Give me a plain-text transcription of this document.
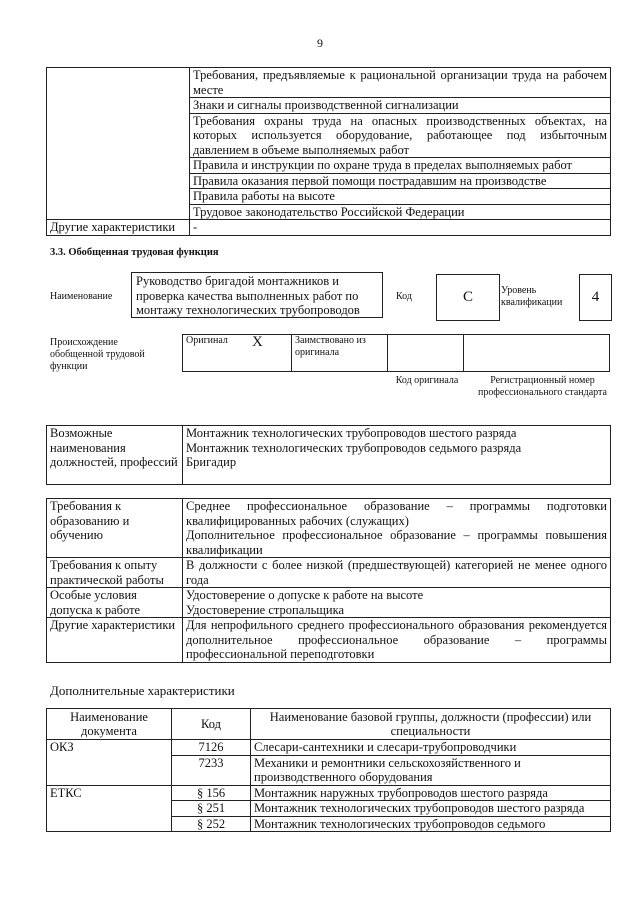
9
	Требования, предъявляемые к рациональной организации труда на рабочем месте
	Знаки и сигналы производственной сигнализации
	Требования охраны труда на опасных производственных объектах, на которых используется оборудование, работающее под избыточным давлением в объеме выполняемых работ
	Правила и инструкции по охране труда в пределах выполняемых работ
	Правила оказания первой помощи пострадавшим на производстве
	Правила работы на высоте
	Трудовое законодательство Российской Федерации
Другие характеристики	-
3.3. Обобщенная трудовая функция
Наименование
Руководство бригадой монтажников и проверка качества выполненных работ по монтажу технологических трубопроводов
Код	C	Уровень квалификации	4
Происхождение обобщенной трудовой функции
Оригинал	X	Заимствовано из оригинала		
Код оригинала	Регистрационный номер профессионального стандарта
Возможные наименования должностей, профессий	
Монтажник технологических трубопроводов шестого разряда
Монтажник технологических трубопроводов седьмого разряда
Бригадир
Требования к образованию и обучению	Среднее профессиональное образование – программы подготовки квалифицированных рабочих (служащих)
Дополнительное профессиональное образование – программы повышения квалификации

Требования к опыту практической работы	В должности с более низкой (предшествующей) категорией не менее одного года
Особые условия допуска к работе	Удостоверение о допуске к работе на высоте
Удостоверение стропальщика

Другие характеристики	Для непрофильного среднего профессионального образования рекомендуется дополнительное профессиональное образование – программы профессиональной переподготовки
Дополнительные характеристики
Наименование документа	Код	Наименование базовой группы, должности (профессии) или специальности
ОКЗ	7126	Слесари-сантехники и слесари-трубопроводчики
	7233	Механики и ремонтники сельскохозяйственного и производственного оборудования
ЕТКС	§ 156	Монтажник наружных трубопроводов шестого разряда
	§ 251	Монтажник технологических трубопроводов шестого разряда
	§ 252	Монтажник технологических трубопроводов седьмого
